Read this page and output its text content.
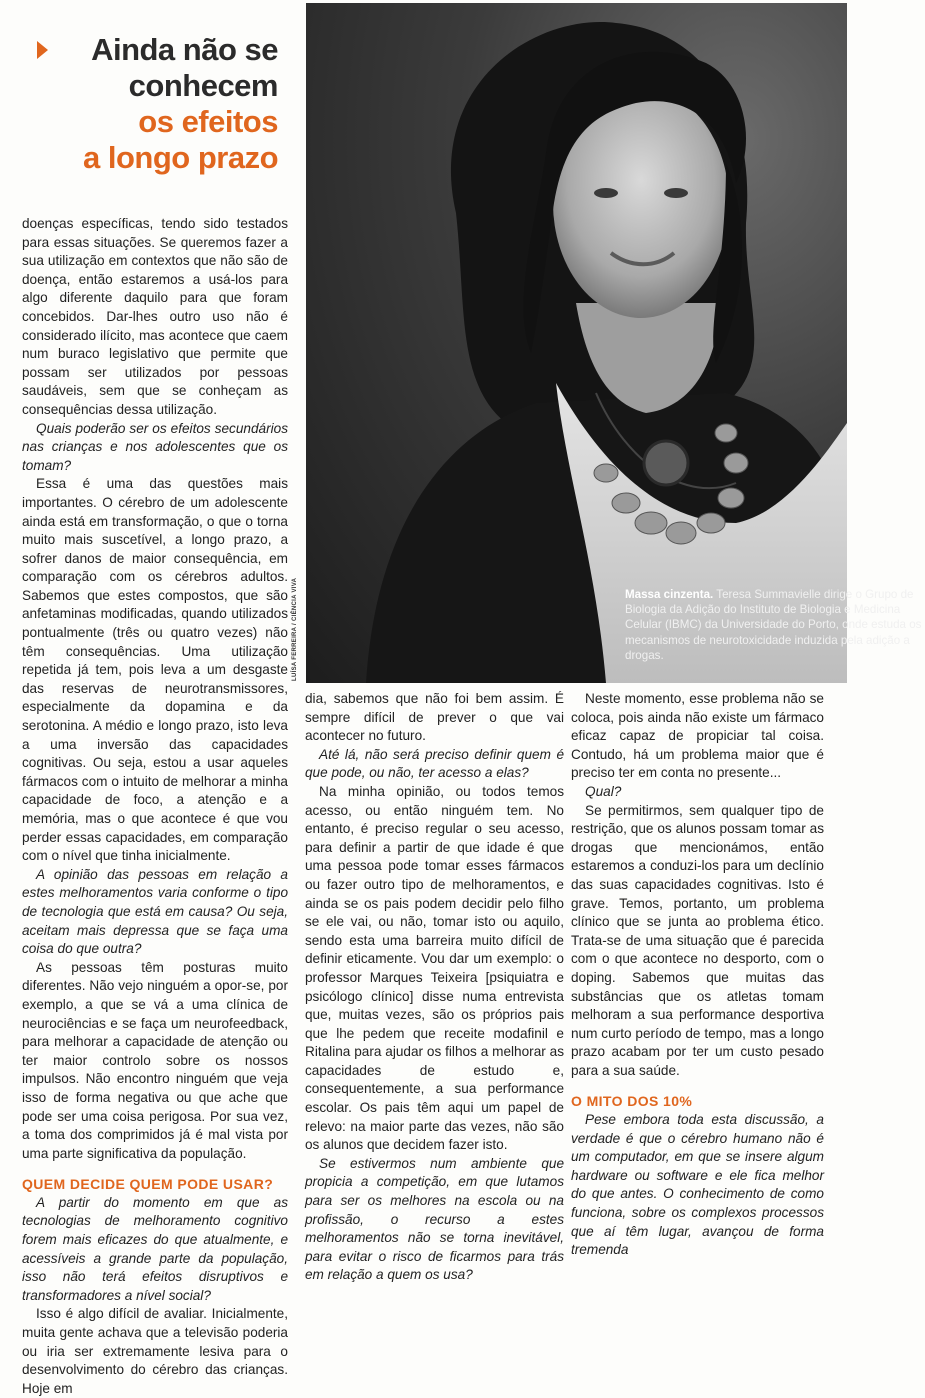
Ainda não se
conhecem
os efeitos
a longo prazo
Massa cinzenta. Teresa Summavielle dirige o Grupo de Biologia da Adição do Instituto de Biologia e Medicina Celular (IBMC) da Universidade do Porto, onde estuda os mecanismos de neurotoxicidade induzida pela adição a drogas.
LUÍSA FERREIRA / CIÊNCIA VIVA

doenças específicas, tendo sido testados para essas situações. Se queremos fazer a sua utilização em contextos que não são de doença, então estaremos a usá-los para algo diferente daquilo para que foram concebidos. Dar-lhes outro uso não é considerado ilícito, mas acontece que caem num buraco legislativo que permite que possam ser utilizados por pessoas saudáveis, sem que se conheçam as consequências dessa utilização.

Quais poderão ser os efeitos secundários nas crianças e nos adolescentes que os tomam?

Essa é uma das questões mais importantes. O cérebro de um adolescente ainda está em transformação, o que o torna muito mais suscetível, a longo prazo, a sofrer danos de maior consequência, em comparação com os cérebros adultos. Sabemos que estes compostos, que são anfetaminas modificadas, quando utilizados pontualmente (três ou quatro vezes) não têm consequências. Uma utilização repetida já tem, pois leva a um desgaste das reservas de neurotransmissores, especialmente da dopamina e da serotonina. A médio e longo prazo, isto leva a uma inversão das capacidades cognitivas. Ou seja, estou a usar aqueles fármacos com o intuito de melhorar a minha capacidade de foco, a atenção e a memória, mas o que acontece é que vou perder essas capacidades, em comparação com o nível que tinha inicialmente.

A opinião das pessoas em relação a estes melhoramentos varia conforme o tipo de tecnologia que está em causa? Ou seja, aceitam mais depressa que se faça uma coisa do que outra?

As pessoas têm posturas muito diferentes. Não vejo ninguém a opor-se, por exemplo, a que se vá a uma clínica de neurociências e se faça um neurofeedback, para melhorar a capacidade de atenção ou ter maior controlo sobre os nossos impulsos. Não encontro ninguém que veja isso de forma negativa ou que ache que pode ser uma coisa perigosa. Por sua vez, a toma dos comprimidos já é mal vista por uma parte significativa da população.

QUEM DECIDE QUEM PODE USAR?

A partir do momento em que as tecnologias de melhoramento cognitivo forem mais eficazes do que atualmente, e acessíveis a grande parte da população, isso não terá efeitos disruptivos e transformadores a nível social?

Isso é algo difícil de avaliar. Inicialmente, muita gente achava que a televisão poderia ou iria ser extremamente lesiva para o desenvolvimento do cérebro das crianças. Hoje em

dia, sabemos que não foi bem assim. É sempre difícil de prever o que vai acontecer no futuro.

Até lá, não será preciso definir quem é que pode, ou não, ter acesso a elas?

Na minha opinião, ou todos temos acesso, ou então ninguém tem. No entanto, é preciso regular o seu acesso, para definir a partir de que idade é que uma pessoa pode tomar esses fármacos ou fazer outro tipo de melhoramentos, e ainda se os pais podem decidir pelo filho se ele vai, ou não, tomar isto ou aquilo, sendo esta uma barreira muito difícil de definir eticamente. Vou dar um exemplo: o professor Marques Teixeira [psiquiatra e psicólogo clínico] disse numa entrevista que, muitas vezes, são os próprios pais que lhe pedem que receite modafinil e Ritalina para ajudar os filhos a melhorar as capacidades de estudo e, consequentemente, a sua performance escolar. Os pais têm aqui um papel de relevo: na maior parte das vezes, não são os alunos que decidem fazer isto.

Se estivermos num ambiente que propicia a competição, em que lutamos para ser os melhores na escola ou na profissão, o recurso a estes melhoramentos não se torna inevitável, para evitar o risco de ficarmos para trás em relação a quem os usa?

Neste momento, esse problema não se coloca, pois ainda não existe um fármaco eficaz capaz de propiciar tal coisa. Contudo, há um problema maior que é preciso ter em conta no presente...

Qual?

Se permitirmos, sem qualquer tipo de restrição, que os alunos possam tomar as drogas que mencionámos, então estaremos a conduzi-los para um declínio das suas capacidades cognitivas. Isto é grave. Temos, portanto, um problema clínico que se junta ao problema ético. Trata-se de uma situação que é parecida com o que acontece no desporto, com o doping. Sabemos que muitas das substâncias que os atletas tomam melhoram a sua performance desportiva num curto período de tempo, mas a longo prazo acabam por ter um custo pesado para a sua saúde.

O MITO DOS 10%

Pese embora toda esta discussão, a verdade é que o cérebro humano não é um computador, em que se insere algum hardware ou software e ele fica melhor do que antes. O conhecimento de como funciona, sobre os complexos processos que aí têm lugar, avançou de forma tremenda
